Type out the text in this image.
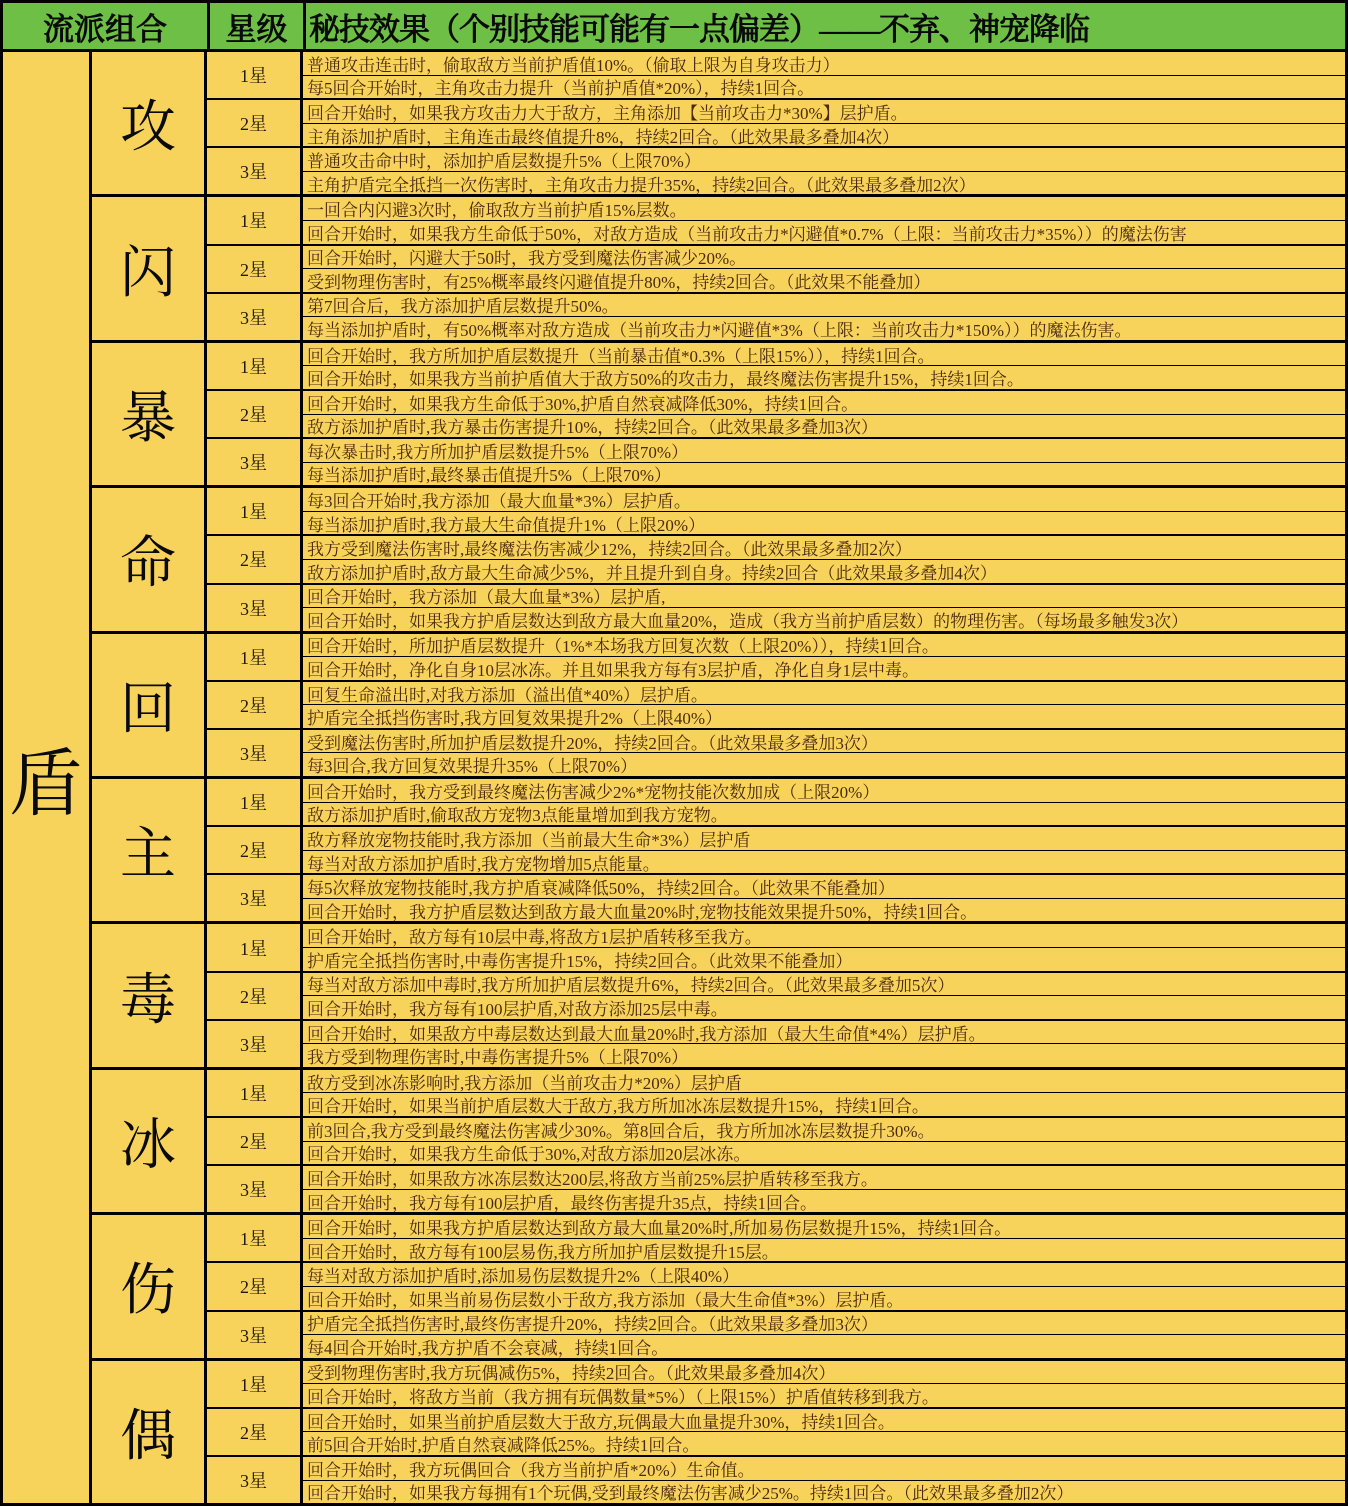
流派组合	星级 秘技效果（个别技能可能有一点偏差）——不弃、神宠降临
盾
攻
1星
普通攻击连击时，偷取敌方当前护盾值10%。（偷取上限为自身攻击力）
每5回合开始时，主角攻击力提升（当前护盾值*20%），持续1回合。
2星
回合开始时，如果我方攻击力大于敌方，主角添加【当前攻击力*30%】层护盾。
主角添加护盾时，主角连击最终值提升8%，持续2回合。（此效果最多叠加4次）
3星
普通攻击命中时，添加护盾层数提升5%（上限70%）
主角护盾完全抵挡一次伤害时，主角攻击力提升35%，持续2回合。（此效果最多叠加2次）
闪
1星
一回合内闪避3次时，偷取敌方当前护盾15%层数。
回合开始时，如果我方生命低于50%，对敌方造成（当前攻击力*闪避值*0.7%（上限：当前攻击力*35%））的魔法伤害
2星
回合开始时，闪避大于50时，我方受到魔法伤害减少20%。
受到物理伤害时，有25%概率最终闪避值提升80%，持续2回合。（此效果不能叠加）
3星
第7回合后，我方添加护盾层数提升50%。
每当添加护盾时，有50%概率对敌方造成（当前攻击力*闪避值*3%（上限：当前攻击力*150%））的魔法伤害。
暴
1星
回合开始时，我方所加护盾层数提升（当前暴击值*0.3%（上限15%）），持续1回合。
回合开始时，如果我方当前护盾值大于敌方50%的攻击力，最终魔法伤害提升15%，持续1回合。
2星
回合开始时，如果我方生命低于30%,护盾自然衰减降低30%，持续1回合。
敌方添加护盾时,我方暴击伤害提升10%，持续2回合。（此效果最多叠加3次）
3星
每次暴击时,我方所加护盾层数提升5%（上限70%）
每当添加护盾时,最终暴击值提升5%（上限70%）
命
1星
每3回合开始时,我方添加（最大血量*3%）层护盾。
每当添加护盾时,我方最大生命值提升1%（上限20%）
2星
我方受到魔法伤害时,最终魔法伤害减少12%，持续2回合。（此效果最多叠加2次）
敌方添加护盾时,敌方最大生命减少5%，并且提升到自身。持续2回合（此效果最多叠加4次）
3星
回合开始时，我方添加（最大血量*3%）层护盾,
回合开始时，如果我方护盾层数达到敌方最大血量20%，造成（我方当前护盾层数）的物理伤害。（每场最多触发3次）
回
1星
回合开始时，所加护盾层数提升（1%*本场我方回复次数（上限20%）），持续1回合。
回合开始时，净化自身10层冰冻。并且如果我方每有3层护盾，净化自身1层中毒。
2星
回复生命溢出时,对我方添加（溢出值*40%）层护盾。
护盾完全抵挡伤害时,我方回复效果提升2%（上限40%）
3星
受到魔法伤害时,所加护盾层数提升20%，持续2回合。（此效果最多叠加3次）
每3回合,我方回复效果提升35%（上限70%）
主
1星
回合开始时，我方受到最终魔法伤害减少2%*宠物技能次数加成（上限20%）
敌方添加护盾时,偷取敌方宠物3点能量增加到我方宠物。
2星
敌方释放宠物技能时,我方添加（当前最大生命*3%）层护盾
每当对敌方添加护盾时,我方宠物增加5点能量。
3星
每5次释放宠物技能时,我方护盾衰减降低50%，持续2回合。（此效果不能叠加）
回合开始时，我方护盾层数达到敌方最大血量20%时,宠物技能效果提升50%，持续1回合。
毒
1星
回合开始时，敌方每有10层中毒,将敌方1层护盾转移至我方。
护盾完全抵挡伤害时,中毒伤害提升15%，持续2回合。（此效果不能叠加）
2星
每当对敌方添加中毒时,我方所加护盾层数提升6%，持续2回合。（此效果最多叠加5次）
回合开始时，我方每有100层护盾,对敌方添加25层中毒。
3星
回合开始时，如果敌方中毒层数达到最大血量20%时,我方添加（最大生命值*4%）层护盾。
我方受到物理伤害时,中毒伤害提升5%（上限70%）
冰
1星
敌方受到冰冻影响时,我方添加（当前攻击力*20%）层护盾
回合开始时，如果当前护盾层数大于敌方,我方所加冰冻层数提升15%，持续1回合。
2星
前3回合,我方受到最终魔法伤害减少30%。第8回合后，我方所加冰冻层数提升30%。
回合开始时，如果我方生命低于30%,对敌方添加20层冰冻。
3星
回合开始时，如果敌方冰冻层数达200层,将敌方当前25%层护盾转移至我方。
回合开始时，我方每有100层护盾，最终伤害提升35点，持续1回合。
伤
1星
回合开始时，如果我方护盾层数达到敌方最大血量20%时,所加易伤层数提升15%，持续1回合。
回合开始时，敌方每有100层易伤,我方所加护盾层数提升15层。
2星
每当对敌方添加护盾时,添加易伤层数提升2%（上限40%）
回合开始时，如果当前易伤层数小于敌方,我方添加（最大生命值*3%）层护盾。
3星
护盾完全抵挡伤害时,最终伤害提升20%，持续2回合。（此效果最多叠加3次）
每4回合开始时,我方护盾不会衰减，持续1回合。
偶
1星
受到物理伤害时,我方玩偶减伤5%，持续2回合。（此效果最多叠加4次）
回合开始时，将敌方当前（我方拥有玩偶数量*5%）（上限15%）护盾值转移到我方。
2星
回合开始时，如果当前护盾层数大于敌方,玩偶最大血量提升30%，持续1回合。
前5回合开始时,护盾自然衰减降低25%。持续1回合。
3星
回合开始时，我方玩偶回合（我方当前护盾*20%）生命值。
回合开始时，如果我方每拥有1个玩偶,受到最终魔法伤害减少25%。持续1回合。（此效果最多叠加2次）
